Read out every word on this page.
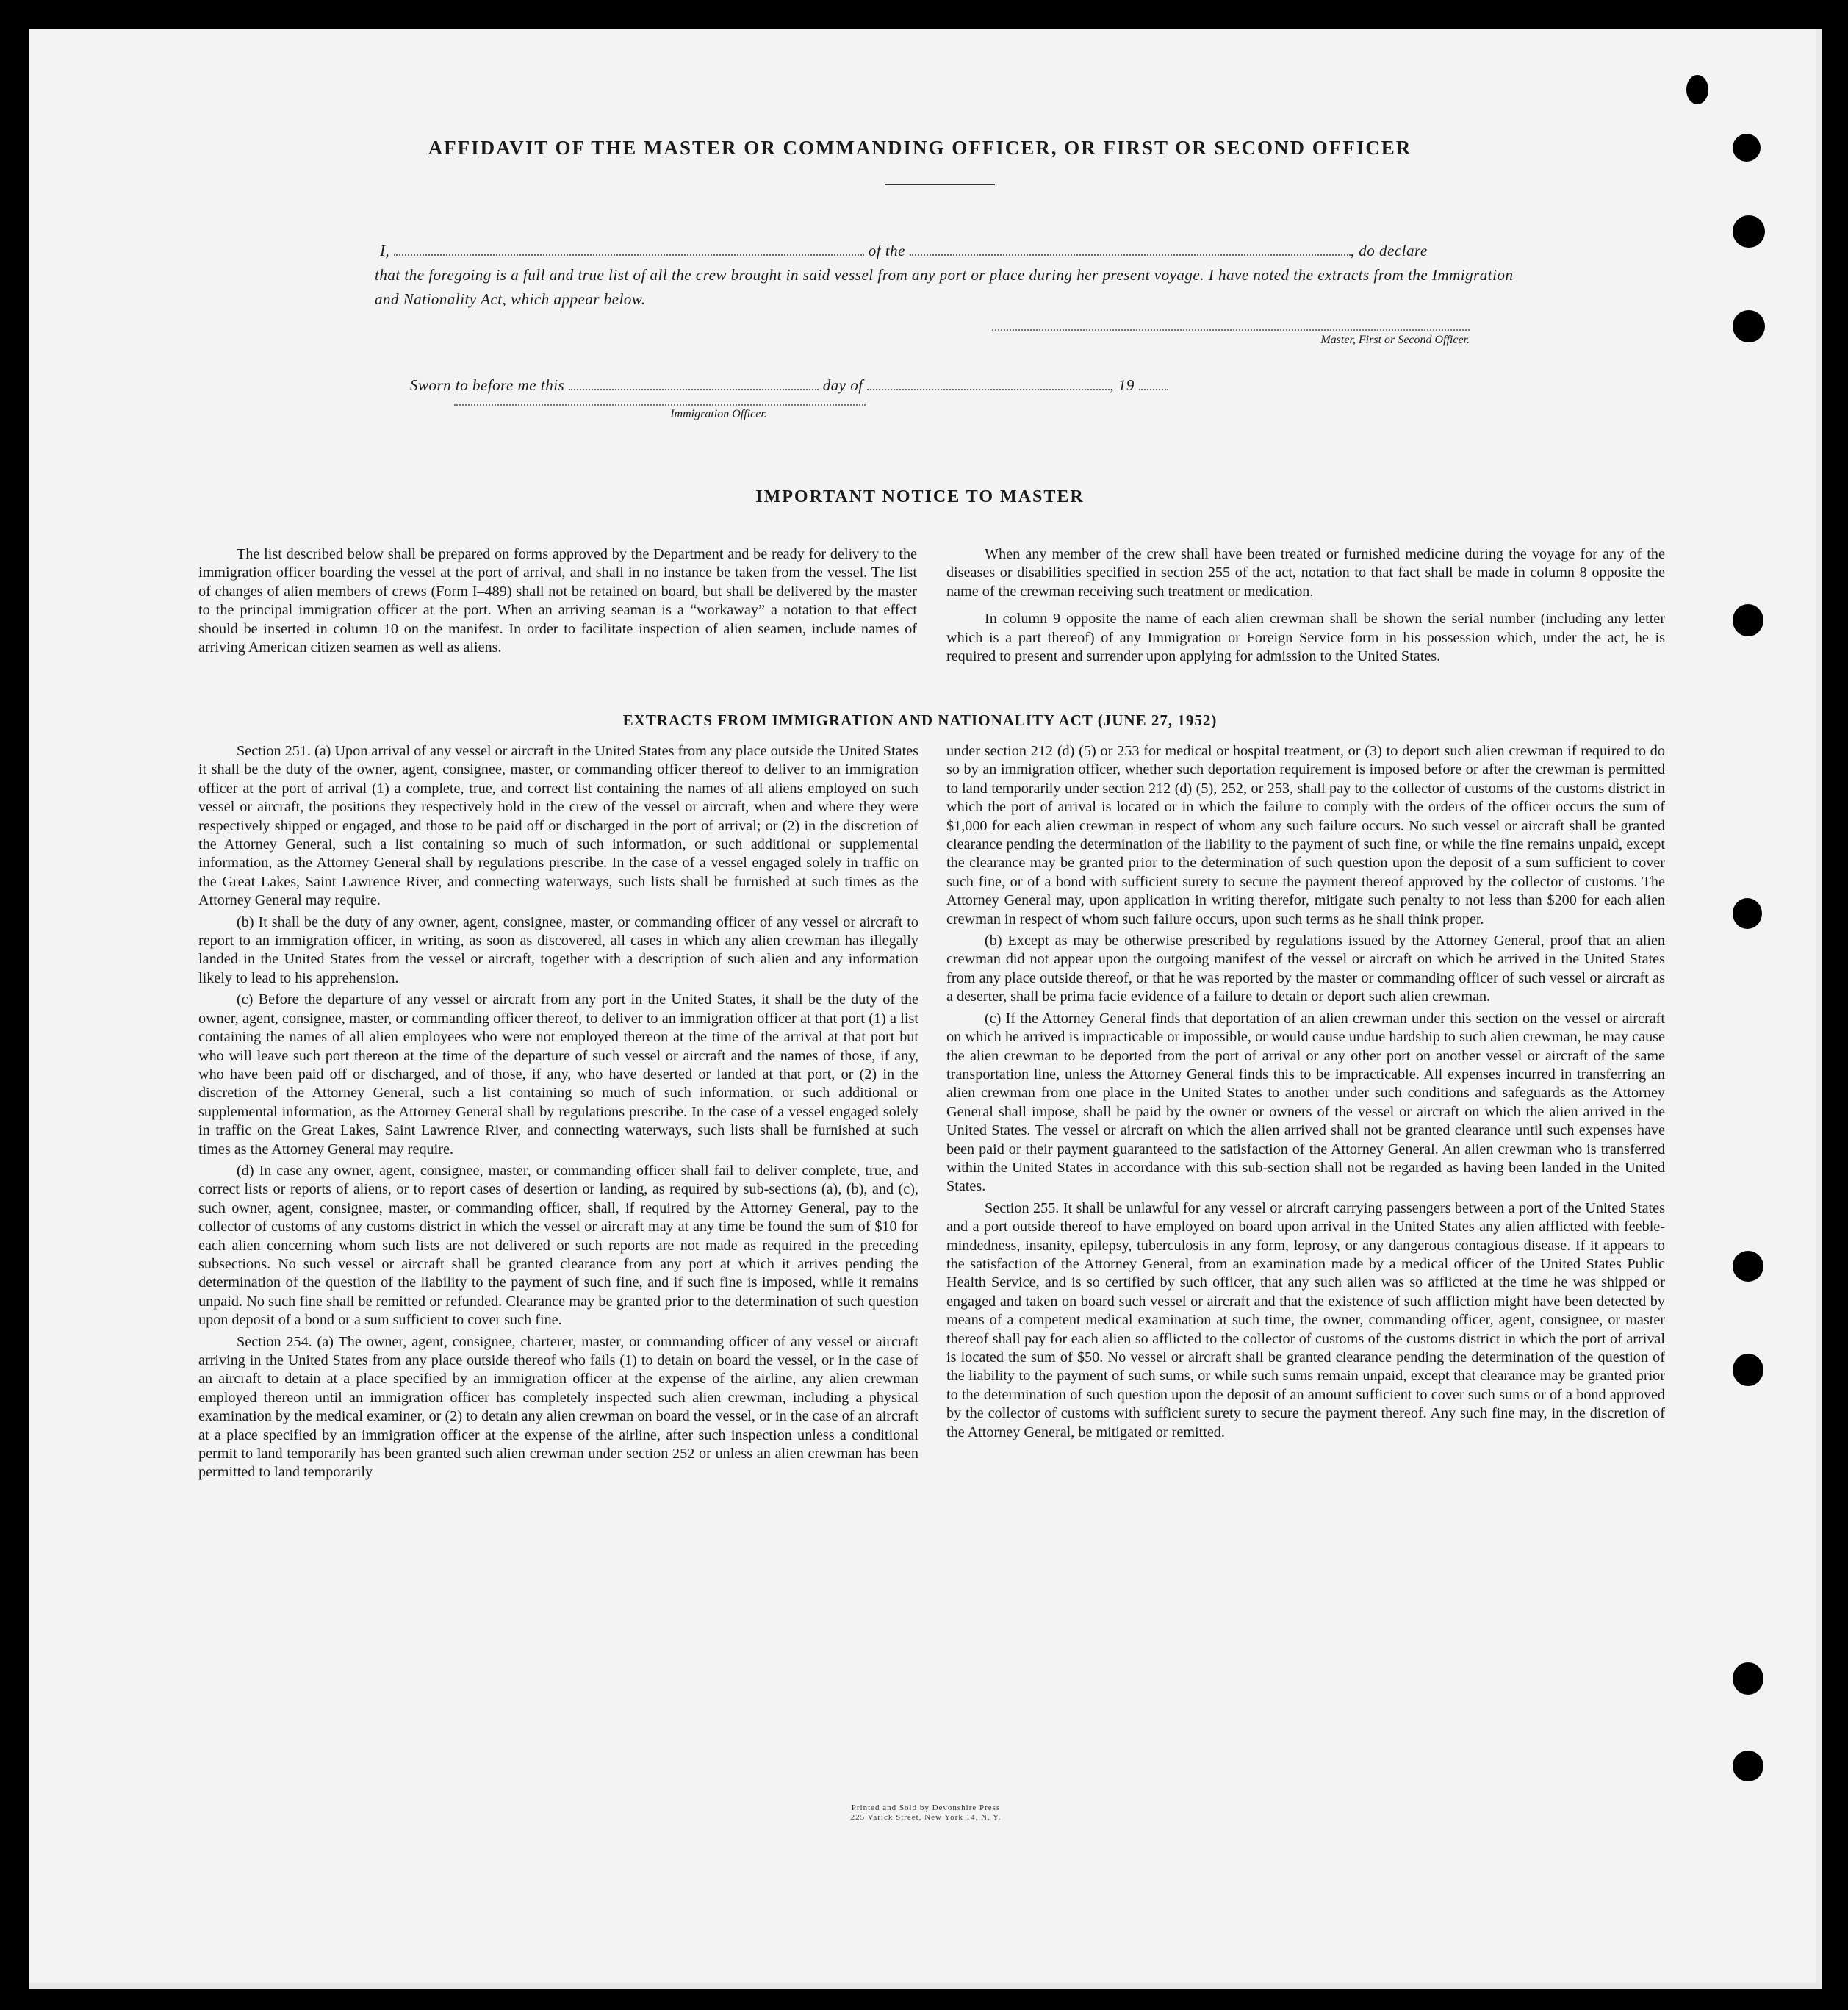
AFFIDAVIT OF THE MASTER OR COMMANDING OFFICER, OR FIRST OR SECOND OFFICER
I,	of the	, do declare
that the foregoing is a full and true list of all the crew brought in said vessel from any port or place during her present voyage. I have noted the extracts from the Immigration and Nationality Act, which appear below.
Master, First or Second Officer.
Sworn to before me this	day of	, 19
Immigration Officer.
IMPORTANT NOTICE TO MASTER

The list described below shall be prepared on forms approved by the Department and be ready for delivery to the immigration officer boarding the vessel at the port of arrival, and shall in no instance be taken from the vessel. The list of changes of alien members of crews (Form I–489) shall not be retained on board, but shall be delivered by the master to the principal immigration officer at the port. When an arriving seaman is a “workaway” a notation to that effect should be inserted in column 10 on the manifest. In order to facilitate inspection of alien seamen, include names of arriving American citizen seamen as well as aliens.

When any member of the crew shall have been treated or furnished medicine during the voyage for any of the diseases or disabilities specified in section 255 of the act, notation to that fact shall be made in column 8 opposite the name of the crewman receiving such treatment or medication.

In column 9 opposite the name of each alien crewman shall be shown the serial number (including any letter which is a part thereof) of any Immigration or Foreign Service form in his possession which, under the act, he is required to present and surrender upon applying for admission to the United States.

EXTRACTS FROM IMMIGRATION AND NATIONALITY ACT (JUNE 27, 1952)

Section 251. (a) Upon arrival of any vessel or aircraft in the United States from any place outside the United States it shall be the duty of the owner, agent, consignee, master, or commanding officer thereof to deliver to an immigration officer at the port of arrival (1) a complete, true, and correct list containing the names of all aliens employed on such vessel or aircraft, the positions they respectively hold in the crew of the vessel or aircraft, when and where they were respectively shipped or engaged, and those to be paid off or discharged in the port of arrival; or (2) in the discretion of the Attorney General, such a list containing so much of such information, or such additional or supplemental information, as the Attorney General shall by regulations prescribe. In the case of a vessel engaged solely in traffic on the Great Lakes, Saint Lawrence River, and connecting waterways, such lists shall be furnished at such times as the Attorney General may require.

(b) It shall be the duty of any owner, agent, consignee, master, or commanding officer of any vessel or aircraft to report to an immigration officer, in writing, as soon as discovered, all cases in which any alien crewman has illegally landed in the United States from the vessel or aircraft, together with a description of such alien and any information likely to lead to his apprehension.

(c) Before the departure of any vessel or aircraft from any port in the United States, it shall be the duty of the owner, agent, consignee, master, or commanding officer thereof, to deliver to an immigration officer at that port (1) a list containing the names of all alien employees who were not employed thereon at the time of the arrival at that port but who will leave such port thereon at the time of the departure of such vessel or aircraft and the names of those, if any, who have been paid off or discharged, and of those, if any, who have deserted or landed at that port, or (2) in the discretion of the Attorney General, such a list containing so much of such information, or such additional or supplemental information, as the Attorney General shall by regulations prescribe. In the case of a vessel engaged solely in traffic on the Great Lakes, Saint Lawrence River, and connecting waterways, such lists shall be furnished at such times as the Attorney General may require.

(d) In case any owner, agent, consignee, master, or commanding officer shall fail to deliver complete, true, and correct lists or reports of aliens, or to report cases of desertion or landing, as required by sub-sections (a), (b), and (c), such owner, agent, consignee, master, or commanding officer, shall, if required by the Attorney General, pay to the collector of customs of any customs district in which the vessel or aircraft may at any time be found the sum of $10 for each alien concerning whom such lists are not delivered or such reports are not made as required in the preceding subsections. No such vessel or aircraft shall be granted clearance from any port at which it arrives pending the determination of the question of the liability to the payment of such fine, and if such fine is imposed, while it remains unpaid. No such fine shall be remitted or refunded. Clearance may be granted prior to the determination of such question upon deposit of a bond or a sum sufficient to cover such fine.

Section 254. (a) The owner, agent, consignee, charterer, master, or commanding officer of any vessel or aircraft arriving in the United States from any place outside thereof who fails (1) to detain on board the vessel, or in the case of an aircraft to detain at a place specified by an immigration officer at the expense of the airline, any alien crewman employed thereon until an immigration officer has completely inspected such alien crewman, including a physical examination by the medical examiner, or (2) to detain any alien crewman on board the vessel, or in the case of an aircraft at a place specified by an immigration officer at the expense of the airline, after such inspection unless a conditional permit to land temporarily has been granted such alien crewman under section 252 or unless an alien crewman has been permitted to land temporarily

under section 212 (d) (5) or 253 for medical or hospital treatment, or (3) to deport such alien crewman if required to do so by an immigration officer, whether such deportation requirement is imposed before or after the crewman is permitted to land temporarily under section 212 (d) (5), 252, or 253, shall pay to the collector of customs of the customs district in which the port of arrival is located or in which the failure to comply with the orders of the officer occurs the sum of $1,000 for each alien crewman in respect of whom any such failure occurs. No such vessel or aircraft shall be granted clearance pending the determination of the liability to the payment of such fine, or while the fine remains unpaid, except the clearance may be granted prior to the determination of such question upon the deposit of a sum sufficient to cover such fine, or of a bond with sufficient surety to secure the payment thereof approved by the collector of customs. The Attorney General may, upon application in writing therefor, mitigate such penalty to not less than $200 for each alien crewman in respect of whom such failure occurs, upon such terms as he shall think proper.

(b) Except as may be otherwise prescribed by regulations issued by the Attorney General, proof that an alien crewman did not appear upon the outgoing manifest of the vessel or aircraft on which he arrived in the United States from any place outside thereof, or that he was reported by the master or commanding officer of such vessel or aircraft as a deserter, shall be prima facie evidence of a failure to detain or deport such alien crewman.

(c) If the Attorney General finds that deportation of an alien crewman under this section on the vessel or aircraft on which he arrived is impracticable or impossible, or would cause undue hardship to such alien crewman, he may cause the alien crewman to be deported from the port of arrival or any other port on another vessel or aircraft of the same transportation line, unless the Attorney General finds this to be impracticable. All expenses incurred in transferring an alien crewman from one place in the United States to another under such conditions and safeguards as the Attorney General shall impose, shall be paid by the owner or owners of the vessel or aircraft on which the alien arrived in the United States. The vessel or aircraft on which the alien arrived shall not be granted clearance until such expenses have been paid or their payment guaranteed to the satisfaction of the Attorney General. An alien crewman who is transferred within the United States in accordance with this sub-section shall not be regarded as having been landed in the United States.

Section 255. It shall be unlawful for any vessel or aircraft carrying passengers between a port of the United States and a port outside thereof to have employed on board upon arrival in the United States any alien afflicted with feeble-mindedness, insanity, epilepsy, tuberculosis in any form, leprosy, or any dangerous contagious disease. If it appears to the satisfaction of the Attorney General, from an examination made by a medical officer of the United States Public Health Service, and is so certified by such officer, that any such alien was so afflicted at the time he was shipped or engaged and taken on board such vessel or aircraft and that the existence of such affliction might have been detected by means of a competent medical examination at such time, the owner, commanding officer, agent, consignee, or master thereof shall pay for each alien so afflicted to the collector of customs of the customs district in which the port of arrival is located the sum of $50. No vessel or aircraft shall be granted clearance pending the determination of the question of the liability to the payment of such sums, or while such sums remain unpaid, except that clearance may be granted prior to the determination of such question upon the deposit of an amount sufficient to cover such sums or of a bond approved by the collector of customs with sufficient surety to secure the payment thereof. Any such fine may, in the discretion of the Attorney General, be mitigated or remitted.

Printed and Sold by Devonshire Press
225 Varick Street, New York 14, N. Y.
